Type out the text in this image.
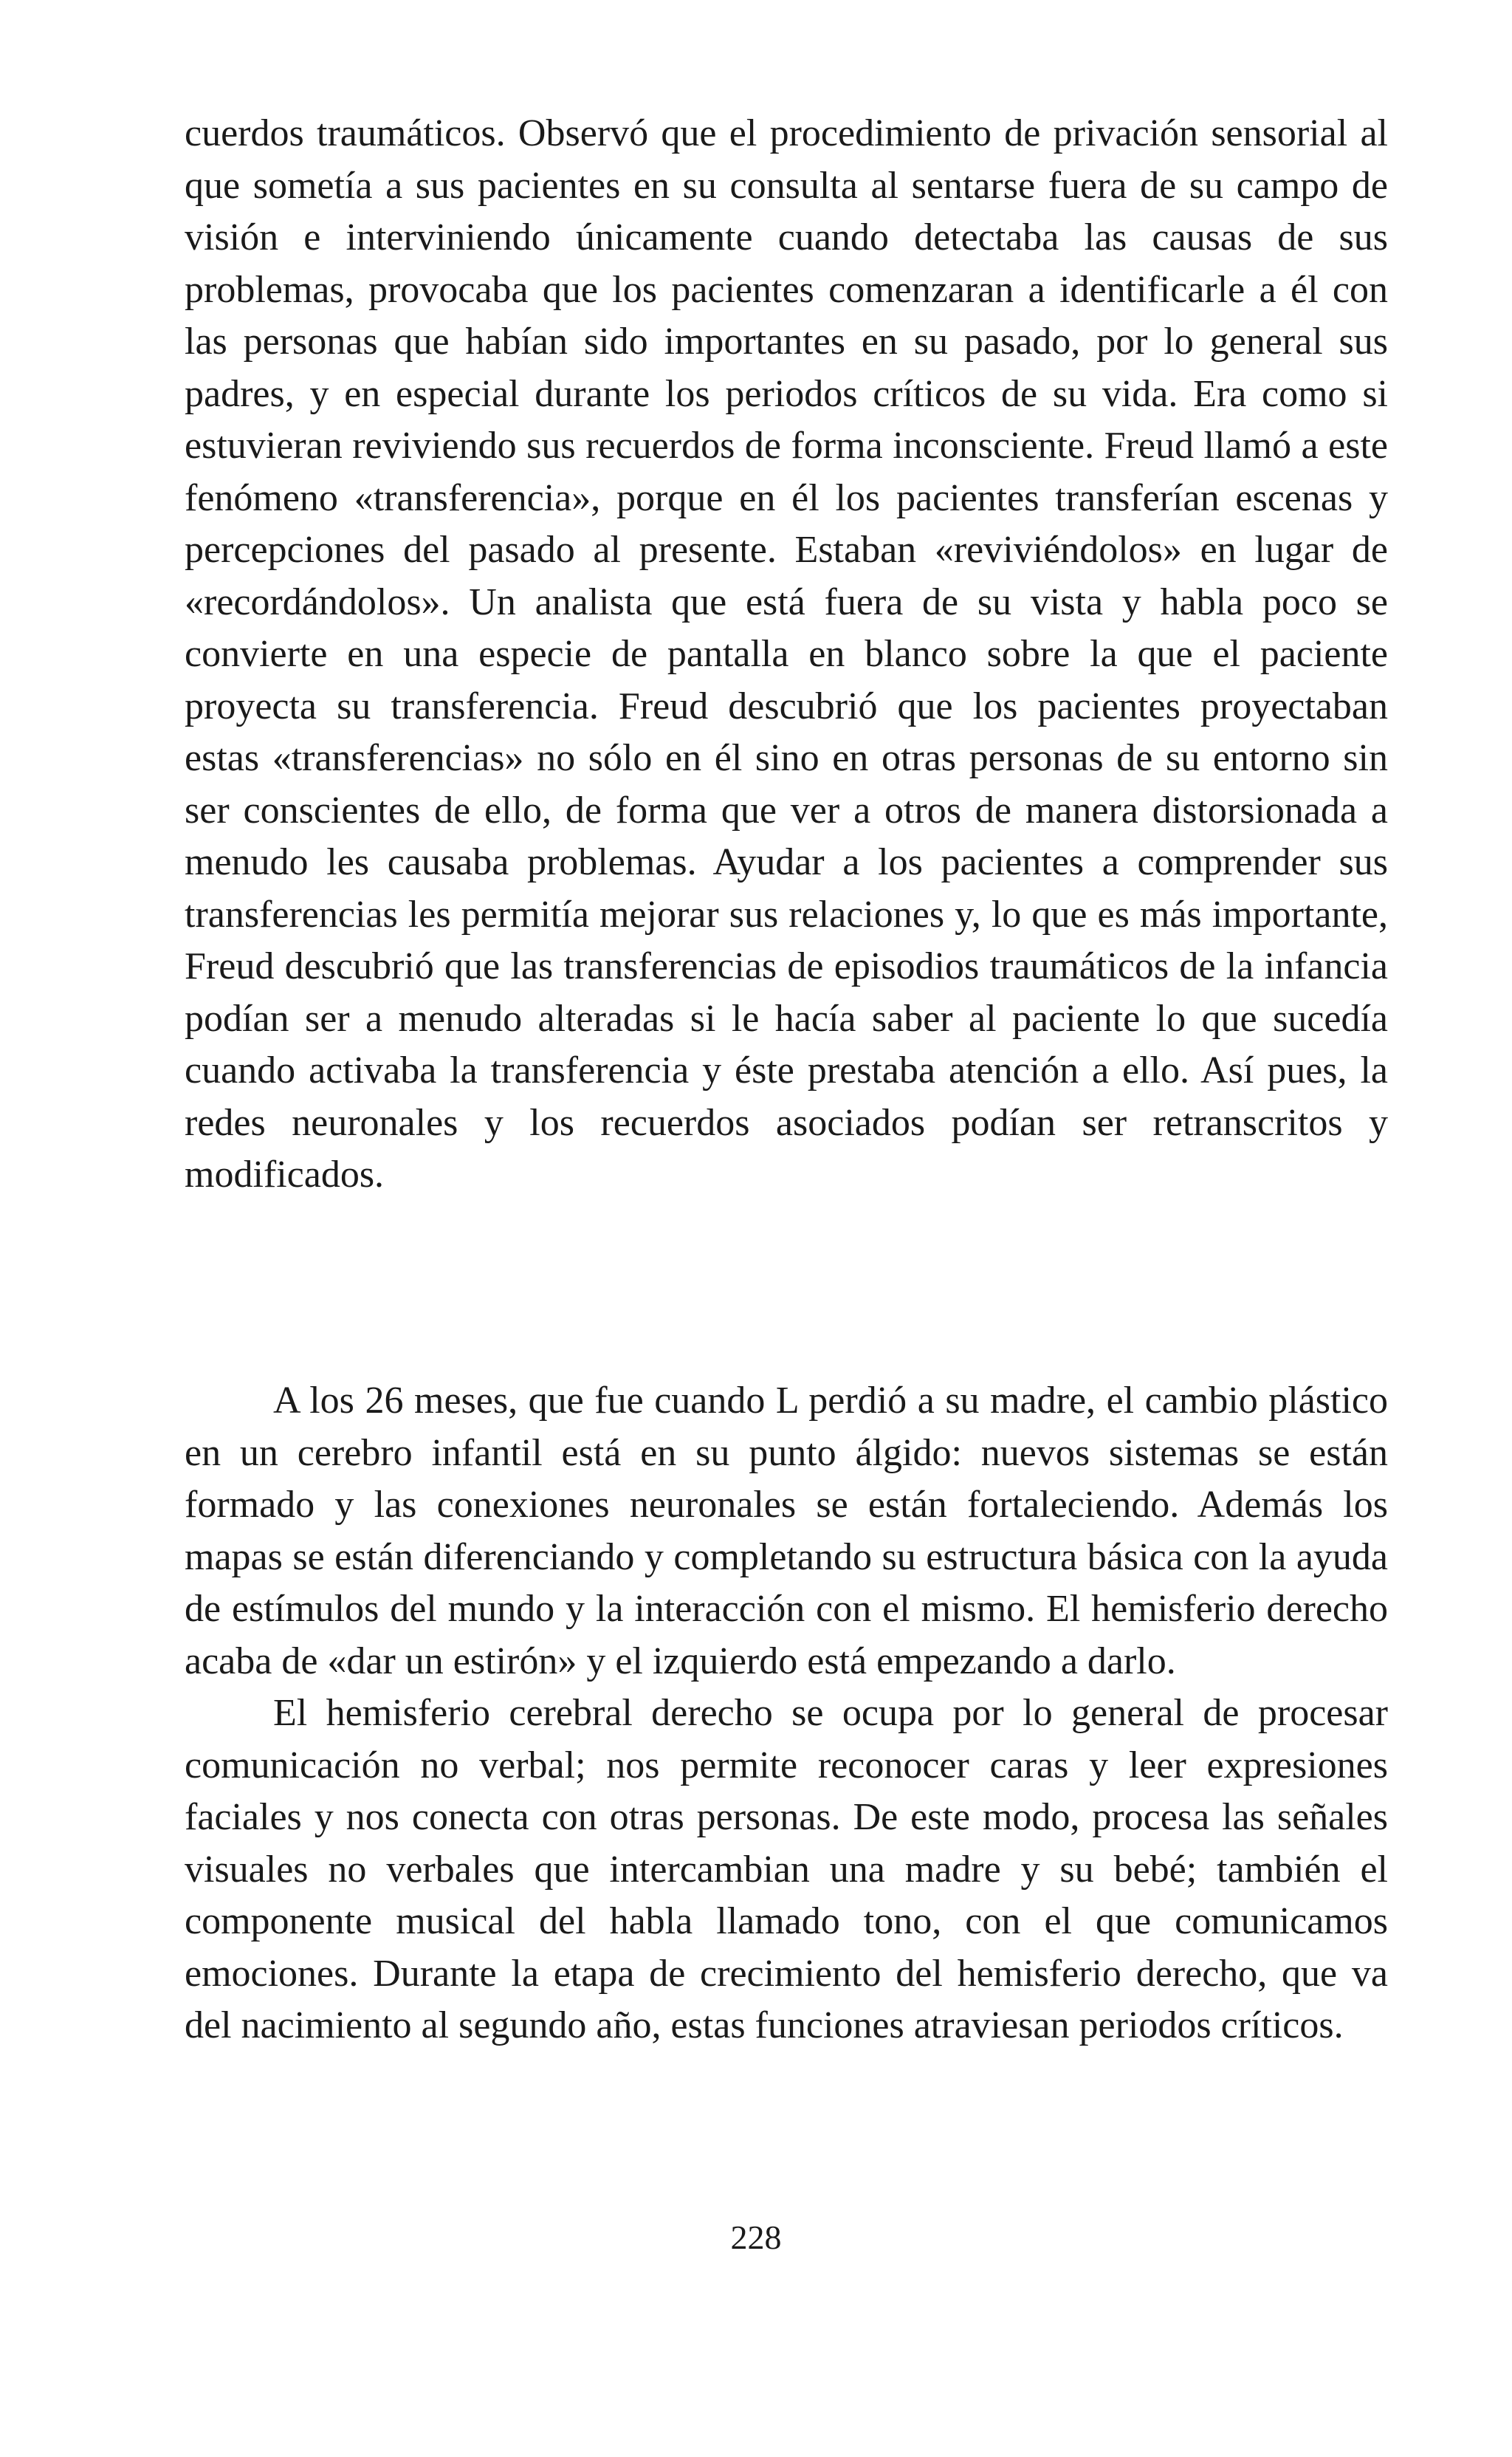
cuerdos traumáticos. Observó que el procedimiento de privación sensorial al que sometía a sus pacientes en su consulta al sentarse fuera de su campo de visión e interviniendo únicamente cuando detectaba las causas de sus problemas, provocaba que los pacientes comenzaran a identificarle a él con las personas que habían sido importantes en su pasado, por lo general sus padres, y en especial durante los periodos críticos de su vida. Era como si estuvieran reviviendo sus recuerdos de forma inconsciente. Freud llamó a este fenómeno «transferencia», porque en él los pacientes transferían escenas y percepciones del pasado al presente. Estaban «reviviéndolos» en lugar de «recordándolos». Un analista que está fuera de su vista y habla poco se convierte en una especie de pantalla en blanco sobre la que el paciente proyecta su transferencia. Freud descubrió que los pacientes proyectaban estas «transferencias» no sólo en él sino en otras personas de su entorno sin ser conscientes de ello, de forma que ver a otros de manera distorsionada a menudo les causaba problemas. Ayudar a los pacientes a comprender sus transferencias les permitía mejorar sus relaciones y, lo que es más importante, Freud descubrió que las transferencias de episodios traumáticos de la infancia podían ser a menudo alteradas si le hacía saber al paciente lo que sucedía cuando activaba la transferencia y éste prestaba atención a ello. Así pues, la redes neuronales y los recuerdos asociados podían ser retranscritos y modificados.

A los 26 meses, que fue cuando L perdió a su madre, el cambio plástico en un cerebro infantil está en su punto álgido: nuevos sistemas se están formado y las conexiones neuronales se están fortaleciendo. Además los mapas se están diferenciando y completando su estructura básica con la ayuda de estímulos del mundo y la interacción con el mismo. El hemisferio derecho acaba de «dar un estirón» y el izquierdo está empezando a darlo.

El hemisferio cerebral derecho se ocupa por lo general de procesar comunicación no verbal; nos permite reconocer caras y leer expresiones faciales y nos conecta con otras personas. De este modo, procesa las señales visuales no verbales que intercambian una madre y su bebé; también el componente musical del habla llamado tono, con el que comunicamos emociones. Durante la etapa de crecimiento del hemisferio derecho, que va del nacimiento al segundo año, estas funciones atraviesan periodos críticos.

228
